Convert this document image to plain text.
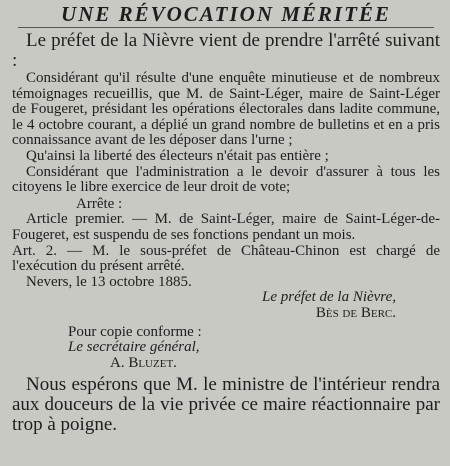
UNE RÉVOCATION MÉRITÉE

Le préfet de la Nièvre vient de prendre l'arrêté suivant :

Considérant qu'il résulte d'une enquête minutieuse et de nombreux témoignages recueillis, que M. de Saint-Léger, maire de Saint-Léger de Fougeret, présidant les opérations électorales dans ladite commune, le 4 octobre courant, a déplié un grand nombre de bulletins et en a pris connaissance avant de les déposer dans l'urne ;

Qu'ainsi la liberté des électeurs n'était pas entière ;

Considérant que l'administration a le devoir d'assurer à tous les citoyens le libre exercice de leur droit de vote;

Arrête :

Article premier. — M. de Saint-Léger, maire de Saint-Léger-de-Fougeret, est suspendu de ses fonctions pendant un mois.

Art. 2. — M. le sous-préfet de Château-Chinon est chargé de l'exécution du présent arrêté.

Nevers, le 13 octobre 1885.

Le préfet de la Nièvre,

Bès de Berc.

Pour copie conforme :
Le secrétaire général,
A. Bluzet.

Nous espérons que M. le ministre de l'intérieur rendra aux douceurs de la vie privée ce maire réactionnaire par trop à poigne.
